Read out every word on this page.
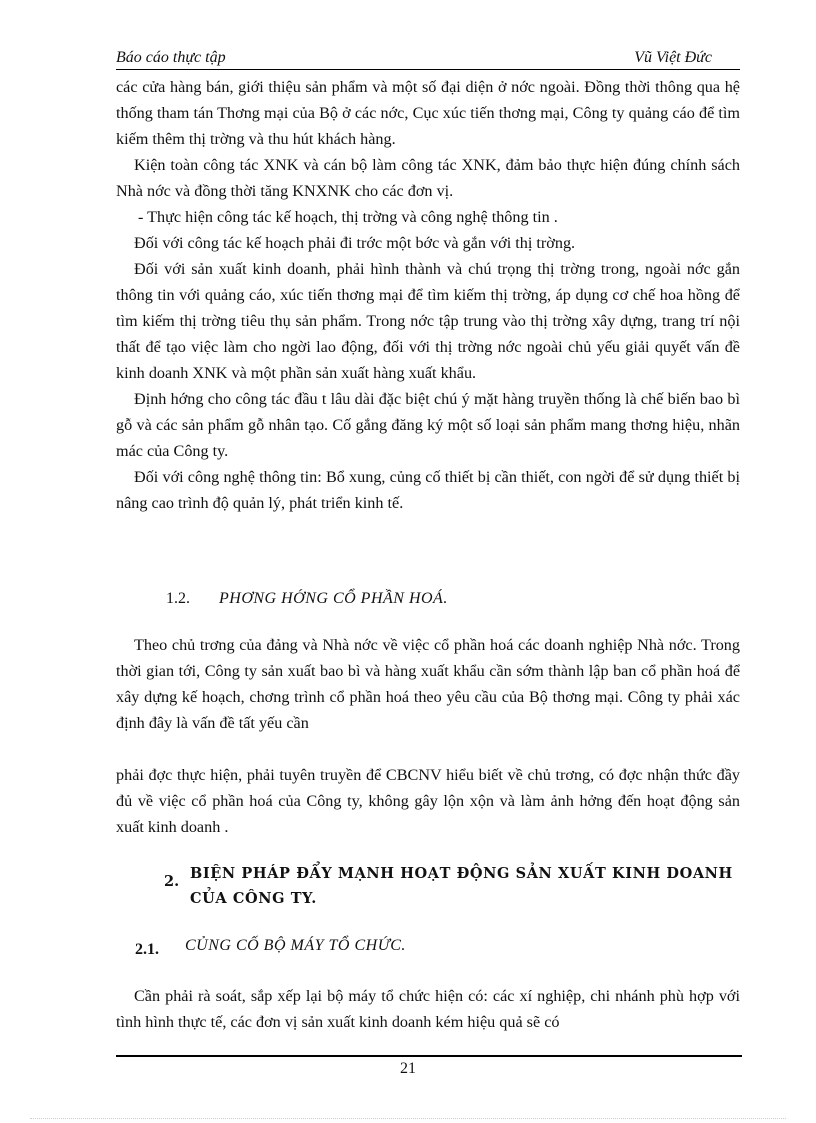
Báo cáo thực tập	Vũ Việt Đức

các cửa hàng bán, giới thiệu sản phẩm và một số đại diện ở nớc ngoài. Đồng thời thông qua hệ thống tham tán Thơng mại của Bộ ở các nớc, Cục xúc tiến thơng mại, Công ty quảng cáo để tìm kiếm thêm thị trờng và thu hút khách hàng.

Kiện toàn công tác XNK và cán bộ làm công tác XNK, đảm bảo thực hiện đúng chính sách Nhà nớc và đồng thời tăng KNXNK cho các đơn vị.

- Thực hiện công tác kế hoạch, thị trờng và công nghệ thông tin .

Đối với công tác kế hoạch phải đi trớc một bớc và gắn với thị trờng.

Đối với sản xuất kinh doanh, phải hình thành và chú trọng thị trờng trong, ngoài nớc gắn thông tin với quảng cáo, xúc tiến thơng mại để tìm kiếm thị trờng, áp dụng cơ chế hoa hồng để tìm kiếm thị trờng tiêu thụ sản phẩm. Trong nớc tập trung vào thị trờng xây dựng, trang trí nội thất để tạo việc làm cho ngời lao động, đối với thị trờng nớc ngoài chủ yếu giải quyết vấn đề kinh doanh XNK và một phần sản xuất hàng xuất khẩu.

Định hớng cho công tác đầu t lâu dài đặc biệt chú ý mặt hàng truyền thống là chế biến bao bì gỗ và các sản phẩm gỗ nhân tạo. Cố gắng đăng ký một số loại sản phẩm mang thơng hiệu, nhãn mác của Công ty.

Đối với công nghệ thông tin: Bổ xung, củng cố thiết bị cần thiết, con ngời để sử dụng thiết bị nâng cao trình độ quản lý, phát triển kinh tế.

1.2. PHƠNG HỚNG CỔ PHẦN HOÁ.

Theo chủ trơng của đảng và Nhà nớc về việc cổ phần hoá các doanh nghiệp Nhà nớc. Trong thời gian tới, Công ty sản xuất bao bì và hàng xuất khẩu cần sớm thành lập ban cổ phần hoá để xây dựng kế hoạch, chơng trình cổ phần hoá theo yêu cầu của Bộ thơng mại. Công ty phải xác định đây là vấn đề tất yếu cần

phải đợc thực hiện, phải tuyên truyền để CBCNV hiểu biết về chủ trơng, có đợc nhận thức đầy đủ về việc cổ phần hoá của Công ty, không gây lộn xộn và làm ảnh hởng đến hoạt động sản xuất kinh doanh .

2. BIỆN PHÁP ĐẨY MẠNH HOẠT ĐỘNG SẢN XUẤT KINH DOANH CỦA CÔNG TY.
2.1. CỦNG CỐ BỘ MÁY TỔ CHỨC.

Cần phải rà soát, sắp xếp lại bộ máy tổ chức hiện có: các xí nghiệp, chi nhánh phù hợp với tình hình thực tế, các đơn vị sản xuất kinh doanh kém hiệu quả sẽ có

21
